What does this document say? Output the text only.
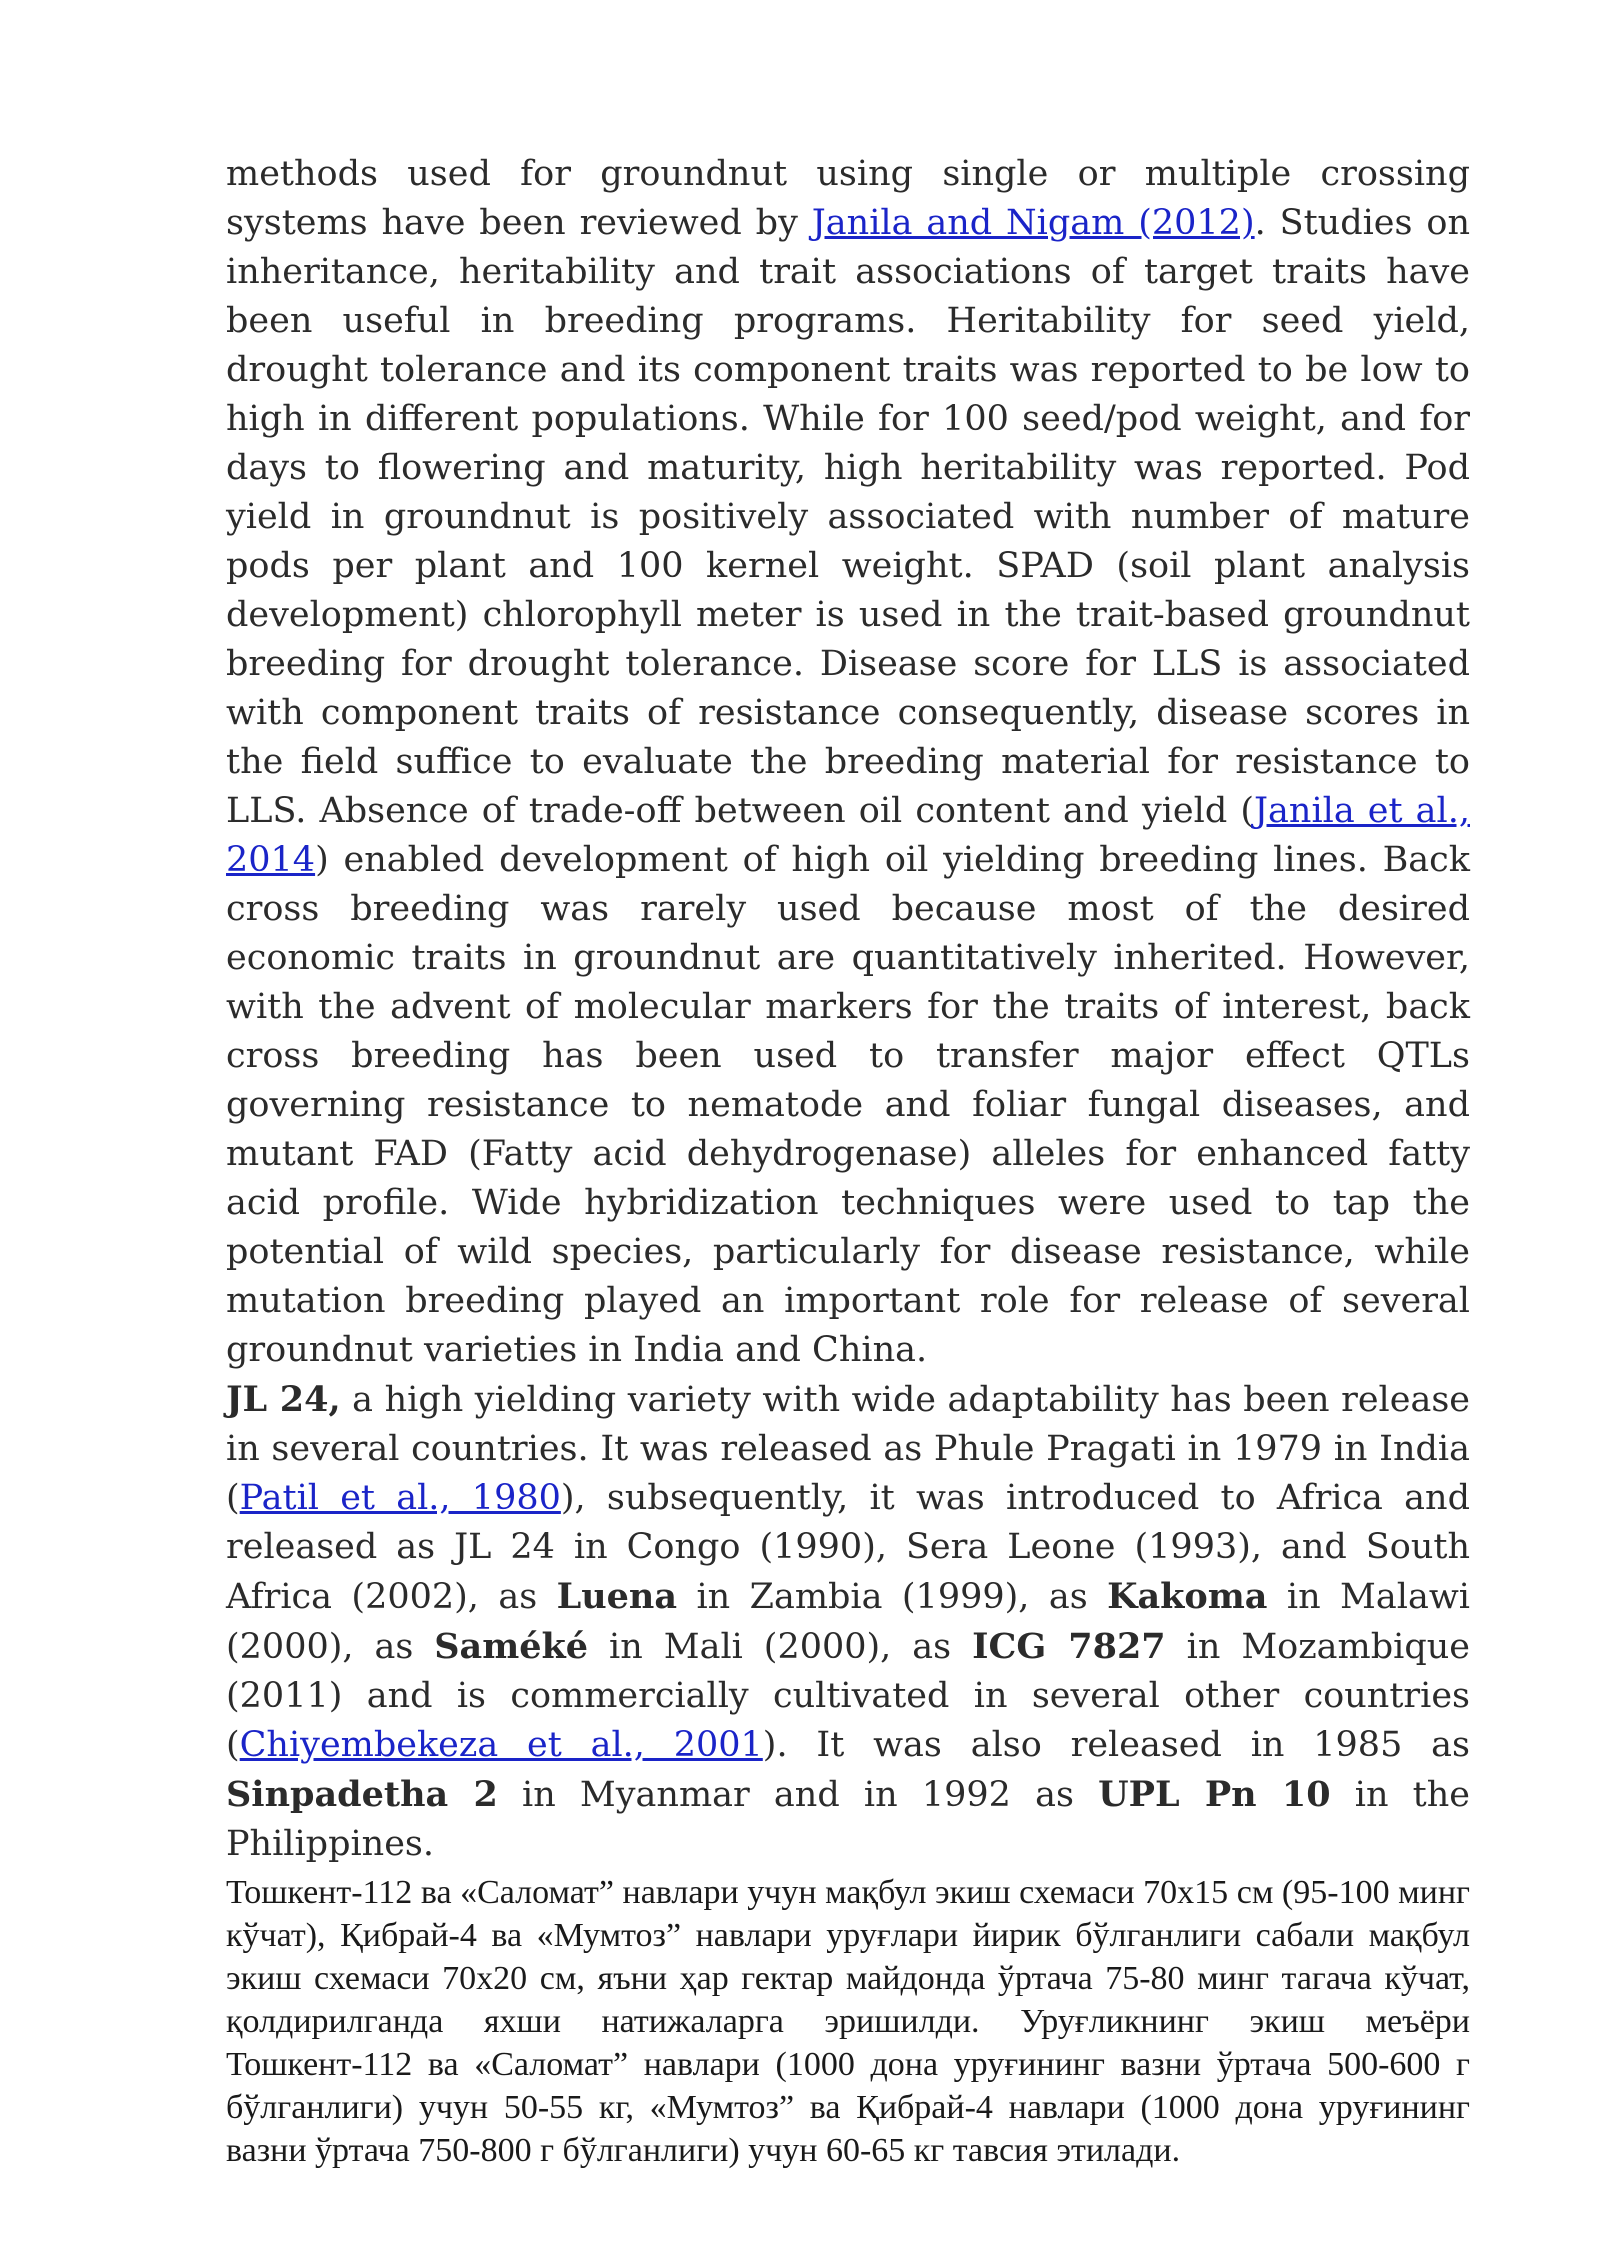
methods used for groundnut using single or multiple crossing systems have been reviewed by Janila and Nigam (2012). Studies on inheritance, heritability and trait associations of target traits have been useful in breeding programs. Heritability for seed yield, drought tolerance and its component traits was reported to be low to high in different populations. While for 100 seed/pod weight, and for days to flowering and maturity, high heritability was reported. Pod yield in groundnut is positively associated with number of mature pods per plant and 100 kernel weight. SPAD (soil plant analysis development) chlorophyll meter is used in the trait-based groundnut breeding for drought tolerance. Disease score for LLS is associated with component traits of resistance consequently, disease scores in the field suffice to evaluate the breeding material for resistance to LLS. Absence of trade-off between oil content and yield (Janila et al., 2014) enabled development of high oil yielding breeding lines. Back cross breeding was rarely used because most of the desired economic traits in groundnut are quantitatively inherited. However, with the advent of molecular markers for the traits of interest, back cross breeding has been used to transfer major effect QTLs governing resistance to nematode and foliar fungal diseases, and mutant FAD (Fatty acid dehydrogenase) alleles for enhanced fatty acid profile. Wide hybridization techniques were used to tap the potential of wild species, particularly for disease resistance, while mutation breeding played an important role for release of several groundnut varieties in India and China.

JL 24, a high yielding variety with wide adaptability has been release in several countries. It was released as Phule Pragati in 1979 in India (Patil et al., 1980), subsequently, it was introduced to Africa and released as JL 24 in Congo (1990), Sera Leone (1993), and South Africa (2002), as Luena in Zambia (1999), as Kakoma in Malawi (2000), as Saméké in Mali (2000), as ICG 7827 in Mozambique (2011) and is commercially cultivated in several other countries (Chiyembekeza et al., 2001). It was also released in 1985 as Sinpadetha 2 in Myanmar and in 1992 as UPL Pn 10 in the Philippines.

Тошкент-112 ва «Саломат” навлари учун мақбул экиш схемаси 70x15 см (95-100 минг кўчат), Қибрай-4 ва «Мумтоз” навлари уруғлари йирик бўлганлиги сабали мақбул экиш схемаси 70x20 см, яъни ҳар гектар майдонда ўртача 75-80 минг тагача кўчат, қолдирилганда яхши натижаларга эришилди. Уруғликнинг экиш меъёри Тошкент-112 ва «Саломат” навлари (1000 дона уруғининг вазни ўртача 500-600 г бўлганлиги) учун 50-55 кг, «Мумтоз” ва Қибрай-4 навлари (1000 дона уруғининг вазни ўртача 750-800 г бўлганлиги) учун 60-65 кг тавсия этилади.
